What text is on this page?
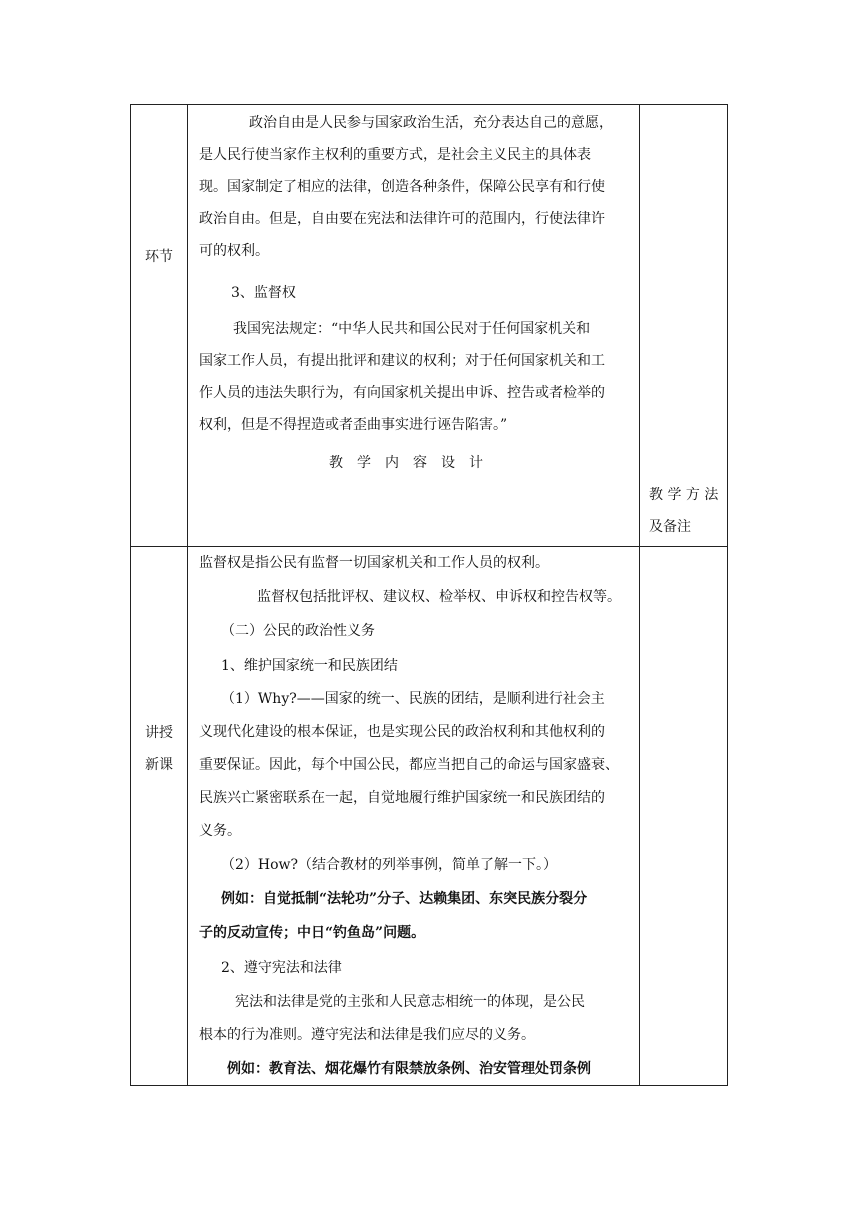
环节
政治自由是人民参与国家政治生活，充分表达自己的意愿，
是人民行使当家作主权利的重要方式，是社会主义民主的具体表
现。国家制定了相应的法律，创造各种条件，保障公民享有和行使
政治自由。但是，自由要在宪法和法律许可的范围内，行使法律许
可的权利。
3、监督权
我国宪法规定：“中华人民共和国公民对于任何国家机关和
国家工作人员，有提出批评和建议的权利；对于任何国家机关和工
作人员的违法失职行为，有向国家机关提出申诉、控告或者检举的
权利，但是不得捏造或者歪曲事实进行诬告陷害。”
教学内容设计
教 学 方 法
及备注
讲授
新课
监督权是指公民有监督一切国家机关和工作人员的权利。
监督权包括批评权、建议权、检举权、申诉权和控告权等。
（二）公民的政治性义务
1、维护国家统一和民族团结
（1）Why?——国家的统一、民族的团结，是顺利进行社会主
义现代化建设的根本保证，也是实现公民的政治权利和其他权利的
重要保证。因此，每个中国公民，都应当把自己的命运与国家盛衰、
民族兴亡紧密联系在一起，自觉地履行维护国家统一和民族团结的
义务。
（2）How?（结合教材的列举事例，简单了解一下。）
例如：自觉抵制“法轮功”分子、达赖集团、东突民族分裂分
子的反动宣传；中日“钓鱼岛”问题。
2、遵守宪法和法律
宪法和法律是党的主张和人民意志相统一的体现，是公民
根本的行为准则。遵守宪法和法律是我们应尽的义务。
例如：教育法、烟花爆竹有限禁放条例、治安管理处罚条例
